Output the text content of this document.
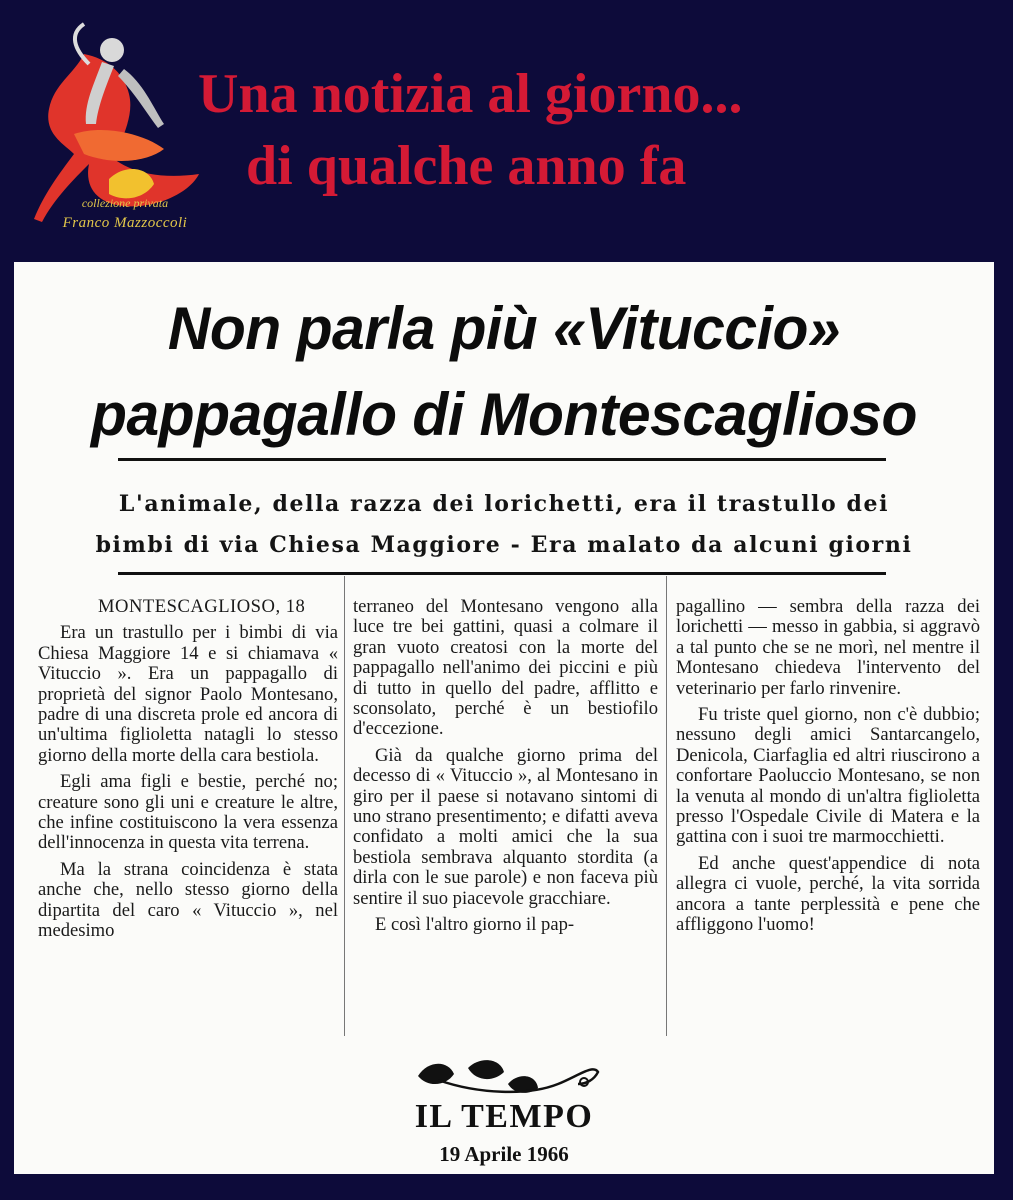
Una notizia al giorno...
di qualche anno fa
collezione privata
Franco Mazzoccoli
Non parla più «Vituccio»
pappagallo di Montescaglioso
L'animale, della razza dei lorichetti, era il trastullo dei
bimbi di via Chiesa Maggiore - Era malato da alcuni giorni

MONTESCAGLIOSO, 18

Era un trastullo per i bimbi di via Chiesa Maggiore 14 e si chiamava « Vituccio ». Era un pappagallo di proprietà del signor Paolo Montesano, padre di una discreta prole ed ancora di un'ultima figlioletta natagli lo stesso giorno della morte della cara bestiola.

Egli ama figli e bestie, perché no; creature sono gli uni e creature le altre, che infine costituiscono la vera essenza dell'innocenza in questa vita terrena.

Ma la strana coincidenza è stata anche che, nello stesso giorno della dipartita del caro « Vituccio », nel medesimo

terraneo del Montesano vengono alla luce tre bei gattini, quasi a colmare il gran vuoto creatosi con la morte del pappagallo nell'animo dei piccini e più di tutto in quello del padre, afflitto e sconsolato, perché è un bestiofilo d'eccezione.

Già da qualche giorno prima del decesso di « Vituccio », al Montesano in giro per il paese si notavano sintomi di uno strano presentimento; e difatti aveva confidato a molti amici che la sua bestiola sembrava alquanto stordita (a dirla con le sue parole) e non faceva più sentire il suo piacevole gracchiare.

E così l'altro giorno il pap-

pagallino — sembra della razza dei lorichetti — messo in gabbia, si aggravò a tal punto che se ne morì, nel mentre il Montesano chiedeva l'intervento del veterinario per farlo rinvenire.

Fu triste quel giorno, non c'è dubbio; nessuno degli amici Santarcangelo, Denicola, Ciarfaglia ed altri riuscirono a confortare Paoluccio Montesano, se non la venuta al mondo di un'altra figlioletta presso l'Ospedale Civile di Matera e la gattina con i suoi tre marmocchietti.

Ed anche quest'appendice di nota allegra ci vuole, perché, la vita sorrida ancora a tante perplessità e pene che affliggono l'uomo!

IL TEMPO
19 Aprile 1966
